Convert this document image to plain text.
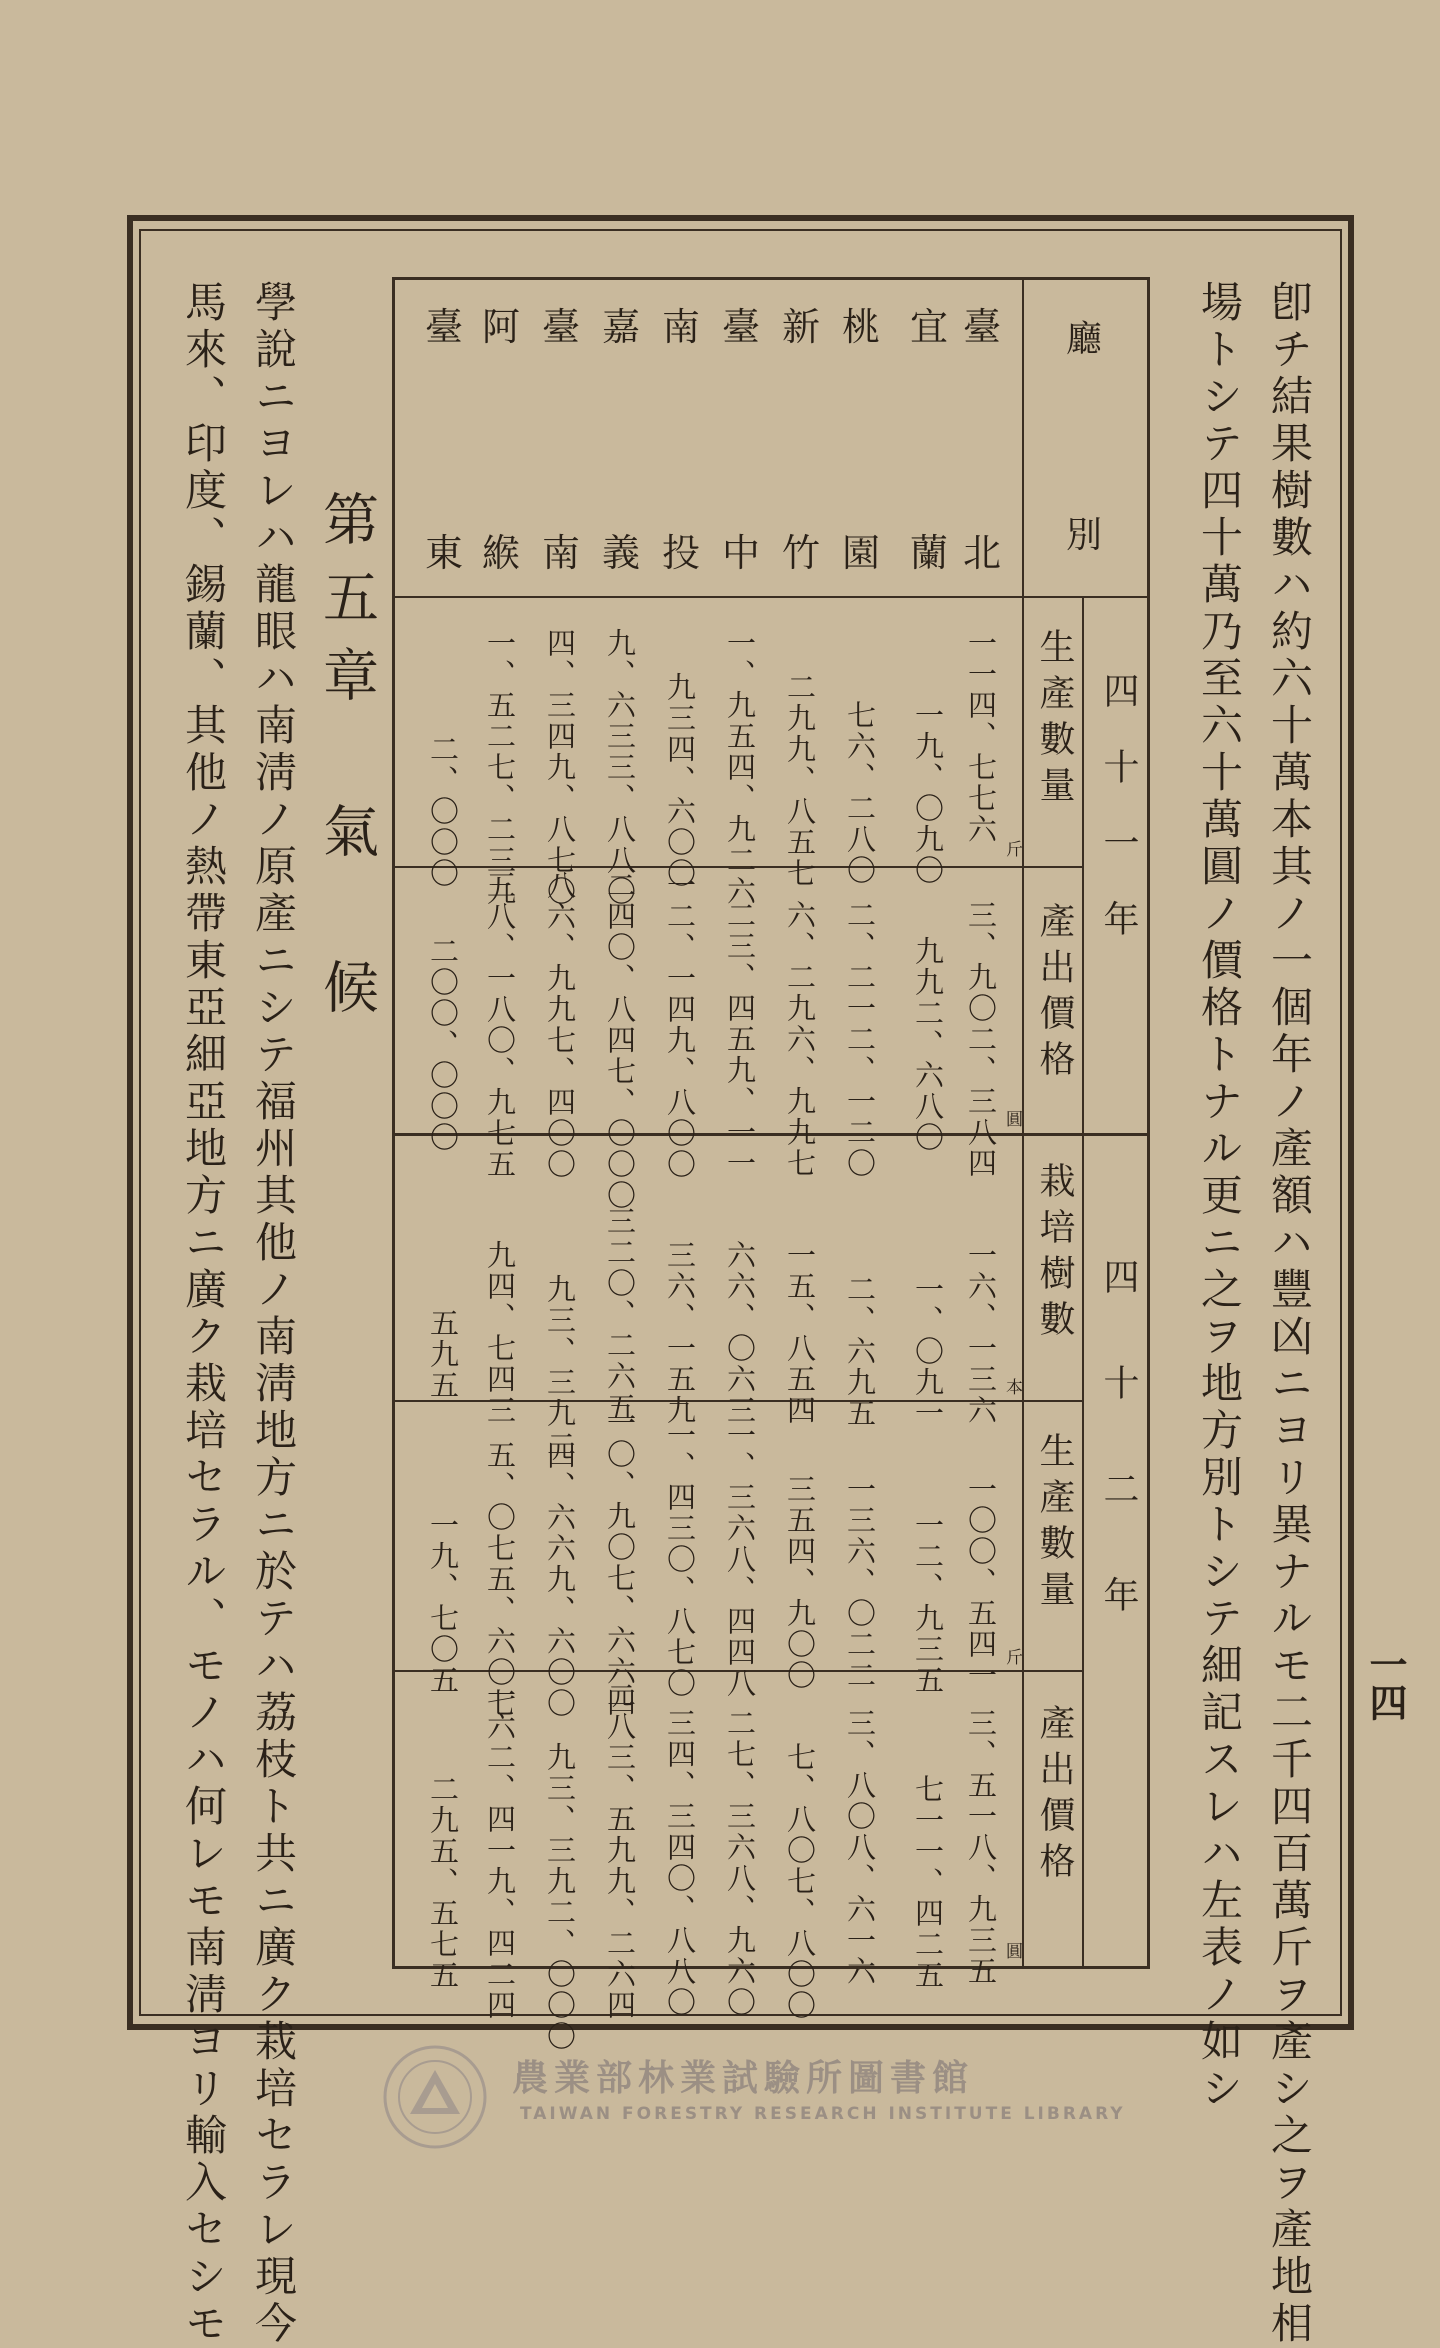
一四
卽チ結果樹數ハ約六十萬本其ノ一個年ノ產額ハ豐凶ニヨリ異ナルモ二千四百萬斤ヲ產シ之ヲ產地相
場トシテ四十萬乃至六十萬圓ノ價格トナル更ニ之ヲ地方別トシテ細記スレハ左表ノ如シ
廳
別
四十一年
四十二年
生產數量
產出價格
栽培樹數
生產數量
產出價格
斤
圓
本
斤
圓
臺
北
一一四、七七六
三、九〇二、三八四
一六、一三六
一〇〇、五四一
三、五一八、九三五
宜
蘭
一九、〇九〇
九九二、六八〇
一、〇九一
一二、九三五
七一一、四二五
桃
園
七六、二八〇
二、二一二、一二〇
二、六九五
一三六、〇二二
三、八〇八、六一六
新
竹
二九九、八五七
六、二九六、九九七
一五、八五四
三五四、九〇〇
七、八〇七、八〇〇
臺
中
一、九五四、九二六
二三、四五九、一一
六六、〇六三
一、三六八、四四八
二七、三六八、九六〇
南
投
九三四、六〇〇
一二、一四九、八〇〇
三六、一五九
一、四三〇、八七〇
三四、三四〇、八八〇
嘉
義
九、六三三、八八〇
二四〇、八四七、〇〇〇
三二〇、二六五
一〇、九〇七、六六四
二八三、五九九、二六四
臺
南
四、三四九、八七〇
八六、九九七、四〇〇
九三、三九二
四、六六九、六〇〇
九三、三九二、〇〇〇
阿
緱
一、五二七、二三九
三八、一八〇、九七五
九四、七四三
五、〇七五、六〇七
一六二、四一九、四二四
臺
東
二、〇〇〇
二〇〇、〇〇〇
五九五
一九、七〇五
二九五、五七五
第五章　氣　候
學說ニヨレハ龍眼ハ南淸ノ原產ニシテ福州其他ノ南淸地方ニ於テハ荔枝ト共ニ廣ク栽培セラレ現今
馬來、印度、錫蘭、其他ノ熱帶東亞細亞地方ニ廣ク栽培セラル、モノハ何レモ南淸ヨリ輸入セシモ	農業部林業試驗所圖書館
TAIWAN FORESTRY RESEARCH INSTITUTE LIBRARY
